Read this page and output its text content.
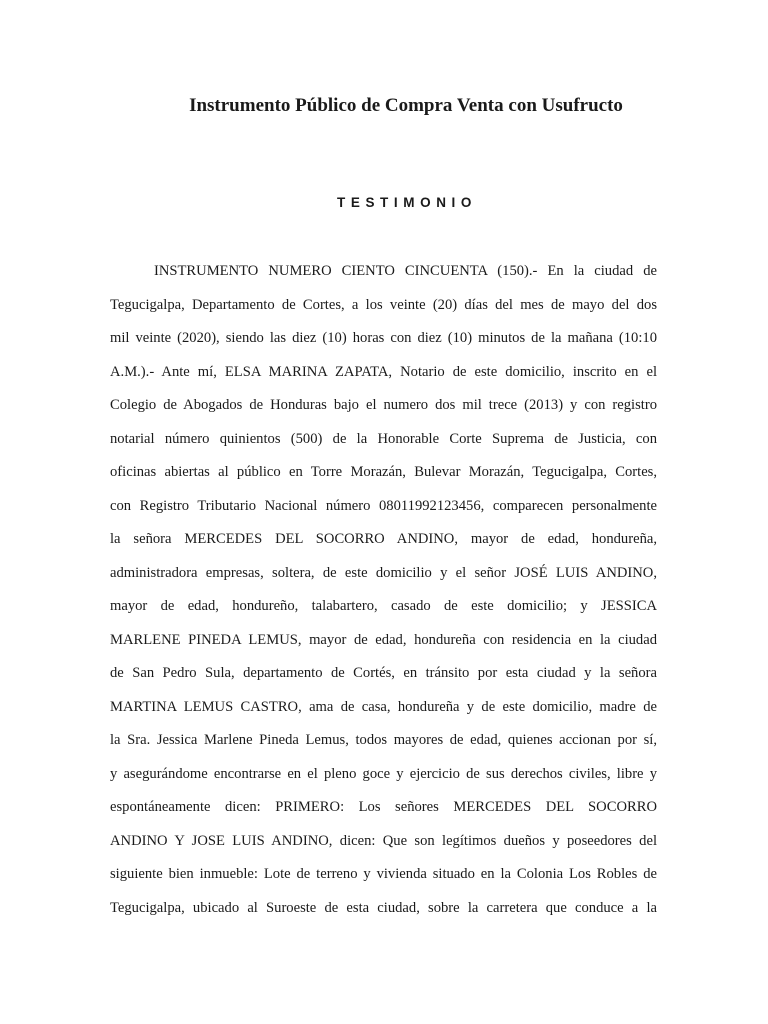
Instrumento Público de Compra Venta con Usufructo
TESTIMONIO
INSTRUMENTO NUMERO CIENTO CINCUENTA (150).- En la ciudad de
Tegucigalpa, Departamento de Cortes, a los veinte (20) días del mes de mayo del dos
mil veinte (2020), siendo las diez (10) horas con diez (10) minutos de la mañana (10:10
A.M.).- Ante mí, ELSA MARINA ZAPATA, Notario de este domicilio, inscrito en el
Colegio de Abogados de Honduras bajo el numero dos mil trece (2013) y con registro
notarial número quinientos (500) de la Honorable Corte Suprema de Justicia, con
oficinas abiertas al público en Torre Morazán, Bulevar Morazán, Tegucigalpa, Cortes,
con Registro Tributario Nacional número 08011992123456, comparecen personalmente
la señora MERCEDES DEL SOCORRO ANDINO, mayor de edad, hondureña,
administradora empresas, soltera, de este domicilio y el señor JOSÉ LUIS ANDINO,
mayor de edad, hondureño, talabartero, casado de este domicilio; y JESSICA
MARLENE PINEDA LEMUS, mayor de edad, hondureña con residencia en la ciudad
de San Pedro Sula, departamento de Cortés, en tránsito por esta ciudad y la señora
MARTINA LEMUS CASTRO, ama de casa, hondureña y de este domicilio, madre de
la Sra. Jessica Marlene Pineda Lemus, todos mayores de edad, quienes accionan por sí,
y asegurándome encontrarse en el pleno goce y ejercicio de sus derechos civiles, libre y
espontáneamente dicen: PRIMERO: Los señores MERCEDES DEL SOCORRO
ANDINO Y JOSE LUIS ANDINO, dicen: Que son legítimos dueños y poseedores del
siguiente bien inmueble: Lote de terreno y vivienda situado en la Colonia Los Robles de
Tegucigalpa, ubicado al Suroeste de esta ciudad, sobre la carretera que conduce a la
